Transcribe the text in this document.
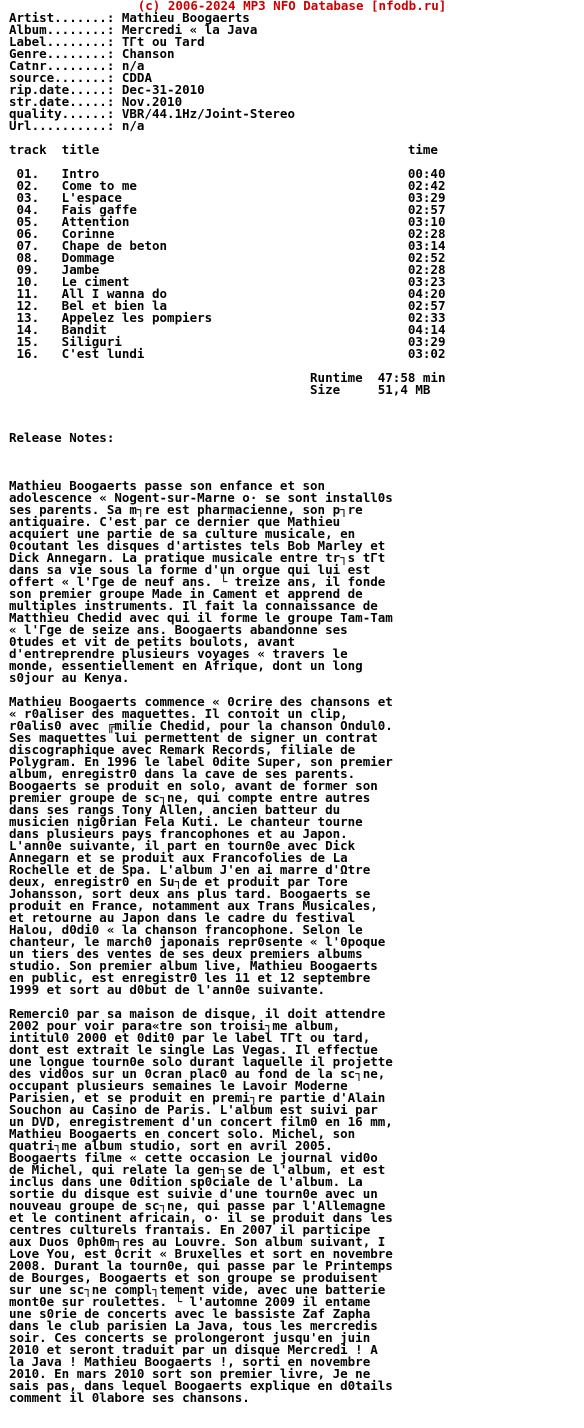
(c) 2006-2024 MP3 NFO Database [nfodb.ru]
Artist.......: Mathieu Boogaerts
Album........: Mercredi « la Java
Label........: TΓt ou Tard
Genre........: Chanson
Catnr........: n/a
source.......: CDDA
rip.date.....: Dec-31-2010
str.date.....: Nov.2010
quality......: VBR/44.1Hz/Joint-Stereo
Url..........: n/a
track  title                                         time
01.   Intro                                         00:40
02.   Come to me                                    02:42
03.   L'espace                                      03:29
04.   Fais gaffe                                    02:57
05.   Attention                                     03:10
06.   Corinne                                       02:28
07.   Chape de beton                                03:14
08.   Dommage                                       02:52
09.   Jambe                                         02:28
10.   Le ciment                                     03:23
11.   All I wanna do                                04:20
12.   Bel et bien la                                02:57
13.   Appelez les pompiers                          02:33
14.   Bandit                                        04:14
15.   Siliguri                                      03:29
16.   C'est lundi                                   03:02
Runtime  47:58 min
Size     51,4 MB
Release Notes:
Mathieu Boogaerts passe son enfance et son
adolescence « Nogent-sur-Marne o· se sont install0s
ses parents. Sa m┐re est pharmacienne, son p┐re
antiquaire. C'est par ce dernier que Mathieu
acquiert une partie de sa culture musicale, en
0coutant les disques d'artistes tels Bob Marley et
Dick Annegarn. La pratique musicale entre tr┐s tΓt
dans sa vie sous la forme d'un orgue qui lui est
offert « l'Γge de neuf ans. └ treize ans, il fonde
son premier groupe Made in Cament et apprend de
multiples instruments. Il fait la connaissance de
Matthieu Chedid avec qui il forme le groupe Tam-Tam
« l'Γge de seize ans. Boogaerts abandonne ses
0tudes et vit de petits boulots, avant
d'entreprendre plusieurs voyages « travers le
monde, essentiellement en Afrique, dont un long
s0jour au Kenya.
Mathieu Boogaerts commence « 0crire des chansons et
« r0aliser des maquettes. Il conτoit un clip,
r0alis0 avec ╔milie Chedid, pour la chanson Ondul0.
Ses maquettes lui permettent de signer un contrat
discographique avec Remark Records, filiale de
Polygram. En 1996 le label 0dite Super, son premier
album, enregistr0 dans la cave de ses parents.
Boogaerts se produit en solo, avant de former son
premier groupe de sc┐ne, qui compte entre autres
dans ses rangs Tony Allen, ancien batteur du
musicien nig0rian Fela Kuti. Le chanteur tourne
dans plusieurs pays francophones et au Japon.
L'ann0e suivante, il part en tourn0e avec Dick
Annegarn et se produit aux Francofolies de La
Rochelle et de Spa. L'album J'en ai marre d'Ωtre
deux, enregistr0 en Su┐de et produit par Tore
Johansson, sort deux ans plus tard. Boogaerts se
produit en France, notamment aux Trans Musicales,
et retourne au Japon dans le cadre du festival
Halou, d0di0 « la chanson francophone. Selon le
chanteur, le march0 japonais repr0sente « l'0poque
un tiers des ventes de ses deux premiers albums
studio. Son premier album live, Mathieu Boogaerts
en public, est enregistr0 les 11 et 12 septembre
1999 et sort au d0but de l'ann0e suivante.
Remerci0 par sa maison de disque, il doit attendre
2002 pour voir para«tre son troisi┐me album,
intitul0 2000 et 0dit0 par le label TΓt ou tard,
dont est extrait le single Las Vegas. Il effectue
une longue tourn0e solo durant laquelle il projette
des vid0os sur un 0cran plac0 au fond de la sc┐ne,
occupant plusieurs semaines le Lavoir Moderne
Parisien, et se produit en premi┐re partie d'Alain
Souchon au Casino de Paris. L'album est suivi par
un DVD, enregistrement d'un concert film0 en 16 mm,
Mathieu Boogaerts en concert solo. Michel, son
quatri┐me album studio, sort en avril 2005.
Boogaerts filme « cette occasion Le journal vid0o
de Michel, qui relate la gen┐se de l'album, et est
inclus dans une 0dition sp0ciale de l'album. La
sortie du disque est suivie d'une tourn0e avec un
nouveau groupe de sc┐ne, qui passe par l'Allemagne
et le continent africain, o· il se produit dans les
centres culturels franτais. En 2007 il participe
aux Duos 0ph0m┐res au Louvre. Son album suivant, I
Love You, est 0crit « Bruxelles et sort en novembre
2008. Durant la tourn0e, qui passe par le Printemps
de Bourges, Boogaerts et son groupe se produisent
sur une sc┐ne compl┐tement vide, avec une batterie
mont0e sur roulettes. └ l'automne 2009 il entame
une s0rie de concerts avec le bassiste Zaf Zapha
dans le club parisien La Java, tous les mercredis
soir. Ces concerts se prolongeront jusqu'en juin
2010 et seront traduit par un disque Mercredi ! A
la Java ! Mathieu Boogaerts !, sorti en novembre
2010. En mars 2010 sort son premier livre, Je ne
sais pas, dans lequel Boogaerts explique en d0tails
comment il 0labore ses chansons.
